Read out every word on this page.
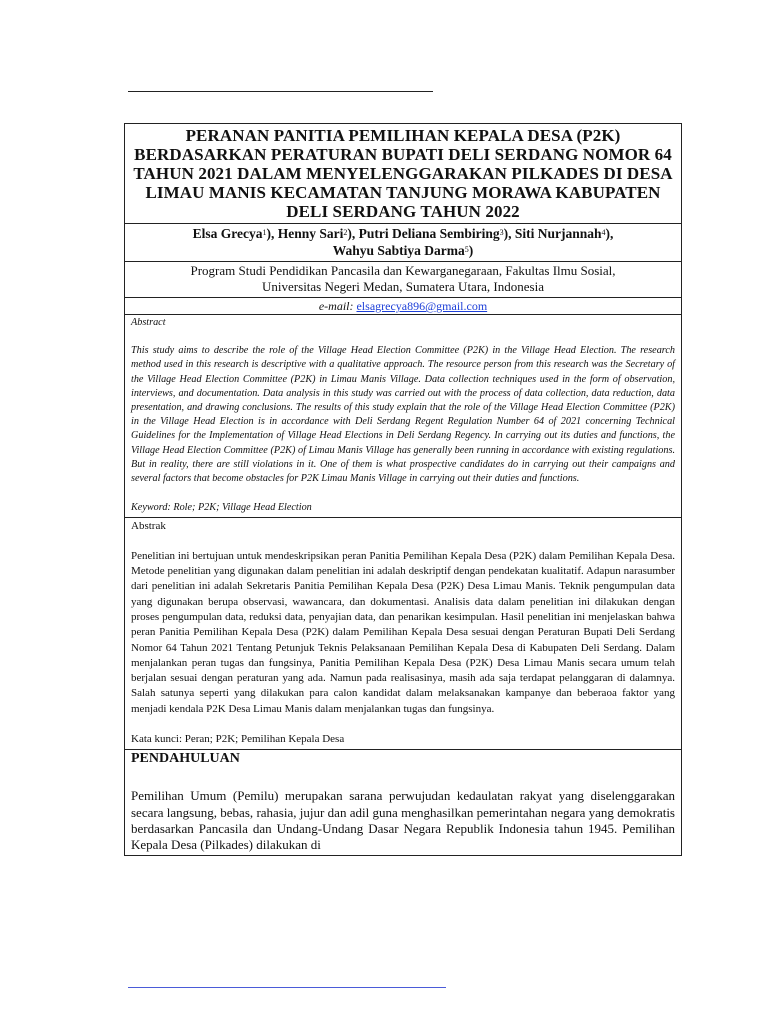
PERANAN PANITIA PEMILIHAN KEPALA DESA (P2K) BERDASARKAN PERATURAN BUPATI DELI SERDANG NOMOR 64 TAHUN 2021 DALAM MENYELENGGARAKAN PILKADES DI DESA LIMAU MANIS KECAMATAN TANJUNG MORAWA KABUPATEN DELI SERDANG TAHUN 2022
Elsa Grecya$^1$), Henny Sari$^2$), Putri Deliana Sembiring$^3$), Siti Nurjannah$^4$),
Wahyu Sabtiya Darma$^5$)
Program Studi Pendidikan Pancasila dan Kewarganegaraan, Fakultas Ilmu Sosial,
Universitas Negeri Medan, Sumatera Utara, Indonesia
e-mail: elsagrecya896@gmail.com

Abstract

This study aims to describe the role of the Village Head Election Committee (P2K) in the Village Head Election. The research method used in this research is descriptive with a qualitative approach. The resource person from this research was the Secretary of the Village Head Election Committee (P2K) in Limau Manis Village. Data collection techniques used in the form of observation, interviews, and documentation. Data analysis in this study was carried out with the process of data collection, data reduction, data presentation, and drawing conclusions. The results of this study explain that the role of the Village Head Election Committee (P2K) in the Village Head Election is in accordance with Deli Serdang Regent Regulation Number 64 of 2021 concerning Technical Guidelines for the Implementation of Village Head Elections in Deli Serdang Regency. In carrying out its duties and functions, the Village Head Election Committee (P2K) of Limau Manis Village has generally been running in accordance with existing regulations. But in reality, there are still violations in it. One of them is what prospective candidates do in carrying out their campaigns and several factors that become obstacles for P2K Limau Manis Village in carrying out their duties and functions.

Keyword: Role; P2K; Village Head Election

Abstrak

Penelitian ini bertujuan untuk mendeskripsikan peran Panitia Pemilihan Kepala Desa (P2K) dalam Pemilihan Kepala Desa. Metode penelitian yang digunakan dalam penelitian ini adalah deskriptif dengan pendekatan kualitatif. Adapun narasumber dari penelitian ini adalah Sekretaris Panitia Pemilihan Kepala Desa (P2K) Desa Limau Manis. Teknik pengumpulan data yang digunakan berupa observasi, wawancara, dan dokumentasi. Analisis data dalam penelitian ini dilakukan dengan proses pengumpulan data, reduksi data, penyajian data, dan penarikan kesimpulan. Hasil penelitian ini menjelaskan bahwa peran Panitia Pemilihan Kepala Desa (P2K) dalam Pemilihan Kepala Desa sesuai dengan Peraturan Bupati Deli Serdang Nomor 64 Tahun 2021 Tentang Petunjuk Teknis Pelaksanaan Pemilihan Kepala Desa di Kabupaten Deli Serdang. Dalam menjalankan peran tugas dan fungsinya, Panitia Pemilihan Kepala Desa (P2K) Desa Limau Manis secara umum telah berjalan sesuai dengan peraturan yang ada. Namun pada realisasinya, masih ada saja terdapat pelanggaran di dalamnya. Salah satunya seperti yang dilakukan para calon kandidat dalam melaksanakan kampanye dan beberaoa faktor yang menjadi kendala P2K Desa Limau Manis dalam menjalankan tugas dan fungsinya.

Kata kunci: Peran; P2K; Pemilihan Kepala Desa

PENDAHULUAN

Pemilihan Umum (Pemilu) merupakan sarana perwujudan kedaulatan rakyat yang diselenggarakan secara langsung, bebas, rahasia, jujur dan adil guna menghasilkan pemerintahan negara yang demokratis berdasarkan Pancasila dan Undang-Undang Dasar Negara Republik Indonesia tahun 1945. Pemilihan Kepala Desa (Pilkades) dilakukan di
